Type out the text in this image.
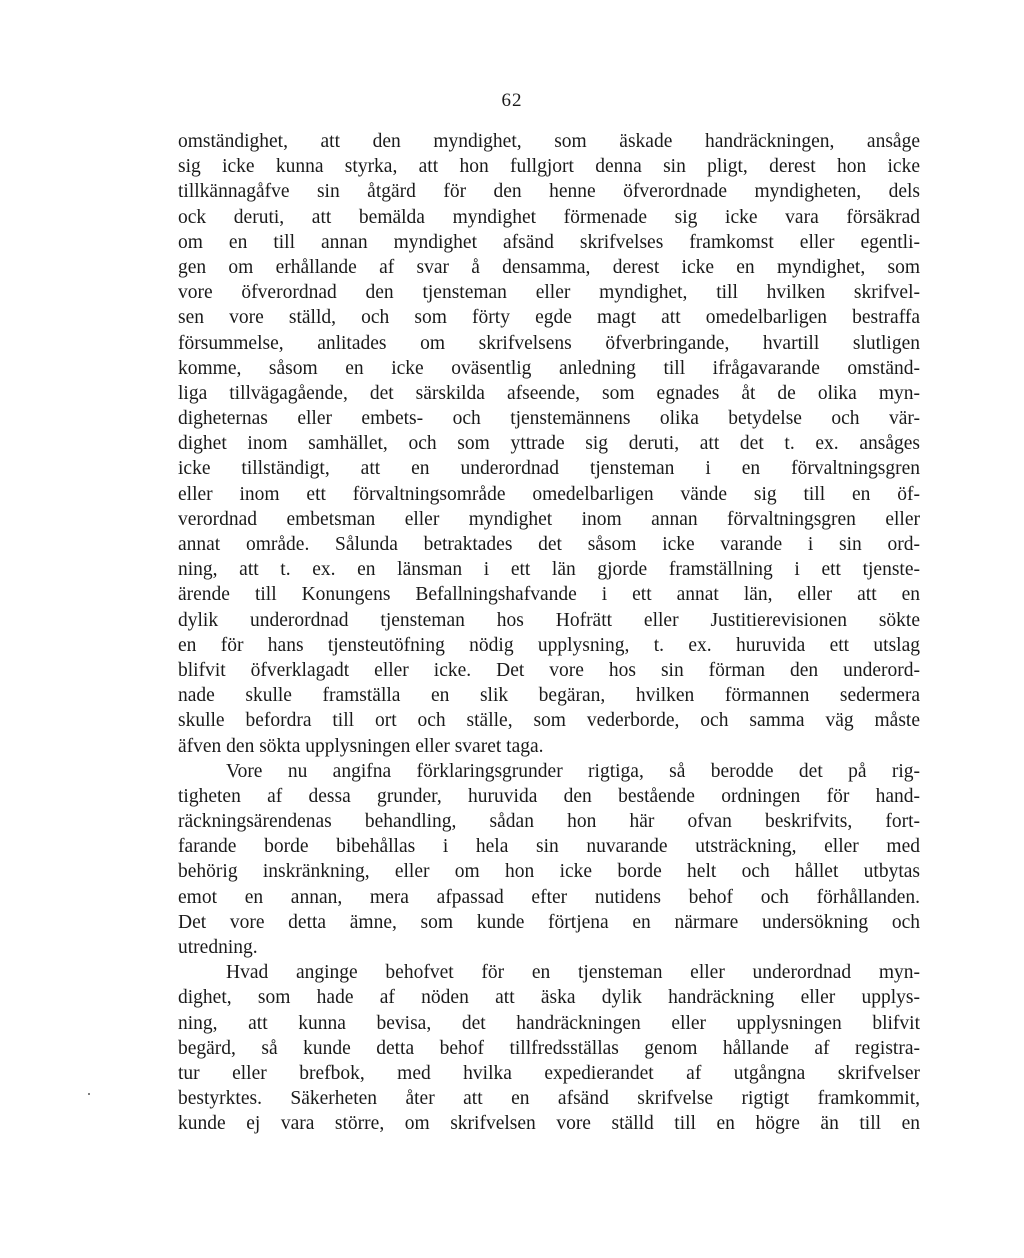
62
omständighet, att den myndighet, som äskade handräckningen, ansåge
sig icke kunna styrka, att hon fullgjort denna sin pligt, derest hon icke
tillkännagåfve sin åtgärd för den henne öfverordnade myndigheten, dels
ock deruti, att bemälda myndighet förmenade sig icke vara försäkrad
om en till annan myndighet afsänd skrifvelses framkomst eller egentli-
gen om erhållande af svar å densamma, derest icke en myndighet, som
vore öfverordnad den tjensteman eller myndighet, till hvilken skrifvel-
sen vore ställd, och som förty egde magt att omedelbarligen bestraffa
försummelse, anlitades om skrifvelsens öfverbringande, hvartill slutligen
komme, såsom en icke oväsentlig anledning till ifrågavarande omständ-
liga tillvägagående, det särskilda afseende, som egnades åt de olika myn-
digheternas eller embets- och tjenstemännens olika betydelse och vär-
dighet inom samhället, och som yttrade sig deruti, att det t. ex. ansåges
icke tillständigt, att en underordnad tjensteman i en förvaltningsgren
eller inom ett förvaltningsområde omedelbarligen vände sig till en öf-
verordnad embetsman eller myndighet inom annan förvaltningsgren eller
annat område. Sålunda betraktades det såsom icke varande i sin ord-
ning, att t. ex. en länsman i ett län gjorde framställning i ett tjenste-
ärende till Konungens Befallningshafvande i ett annat län, eller att en
dylik underordnad tjensteman hos Hofrätt eller Justitierevisionen sökte
en för hans tjensteutöfning nödig upplysning, t. ex. huruvida ett utslag
blifvit öfverklagadt eller icke. Det vore hos sin förman den underord-
nade skulle framställa en slik begäran, hvilken förmannen sedermera
skulle befordra till ort och ställe, som vederborde, och samma väg måste
äfven den sökta upplysningen eller svaret taga.
Vore nu angifna förklaringsgrunder rigtiga, så berodde det på rig-
tigheten af dessa grunder, huruvida den bestående ordningen för hand-
räckningsärendenas behandling, sådan hon här ofvan beskrifvits, fort-
farande borde bibehållas i hela sin nuvarande utsträckning, eller med
behörig inskränkning, eller om hon icke borde helt och hållet utbytas
emot en annan, mera afpassad efter nutidens behof och förhållanden.
Det vore detta ämne, som kunde förtjena en närmare undersökning och
utredning.
Hvad anginge behofvet för en tjensteman eller underordnad myn-
dighet, som hade af nöden att äska dylik handräckning eller upplys-
ning, att kunna bevisa, det handräckningen eller upplysningen blifvit
begärd, så kunde detta behof tillfredsställas genom hållande af registra-
tur eller brefbok, med hvilka expedierandet af utgångna skrifvelser
bestyrktes. Säkerheten åter att en afsänd skrifvelse rigtigt framkommit,
kunde ej vara större, om skrifvelsen vore ställd till en högre än till en
